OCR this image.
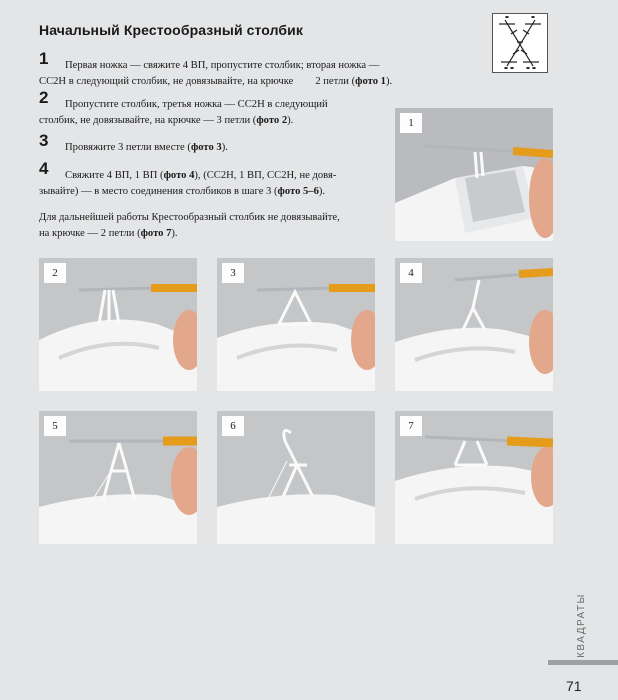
Начальный Крестообразный столбик
1	Первая ножка — свяжите 4 ВП, пропустите столбик; вторая ножка —
СС2Н в следующий столбик, не довязывайте, на крючке 2 петли (фото 1).
2	Пропустите столбик, третья ножка — СС2Н в следующий
столбик, не довязывайте, на крючке — 3 петли (фото 2).
3	Провяжите 3 петли вместе (фото 3).
4	Свяжите 4 ВП, 1 ВП (фото 4), (СС2Н, 1 ВП, СС2Н, не довя-
зывайте) — в место соединения столбиков в шаге 3 (фото 5–6).
Для дальнейшей работы Крестообразный столбик не довязывайте,
на крючке — 2 петли (фото 7).
1
2	3	4
5	6	7
КВАДРАТЫ
71
